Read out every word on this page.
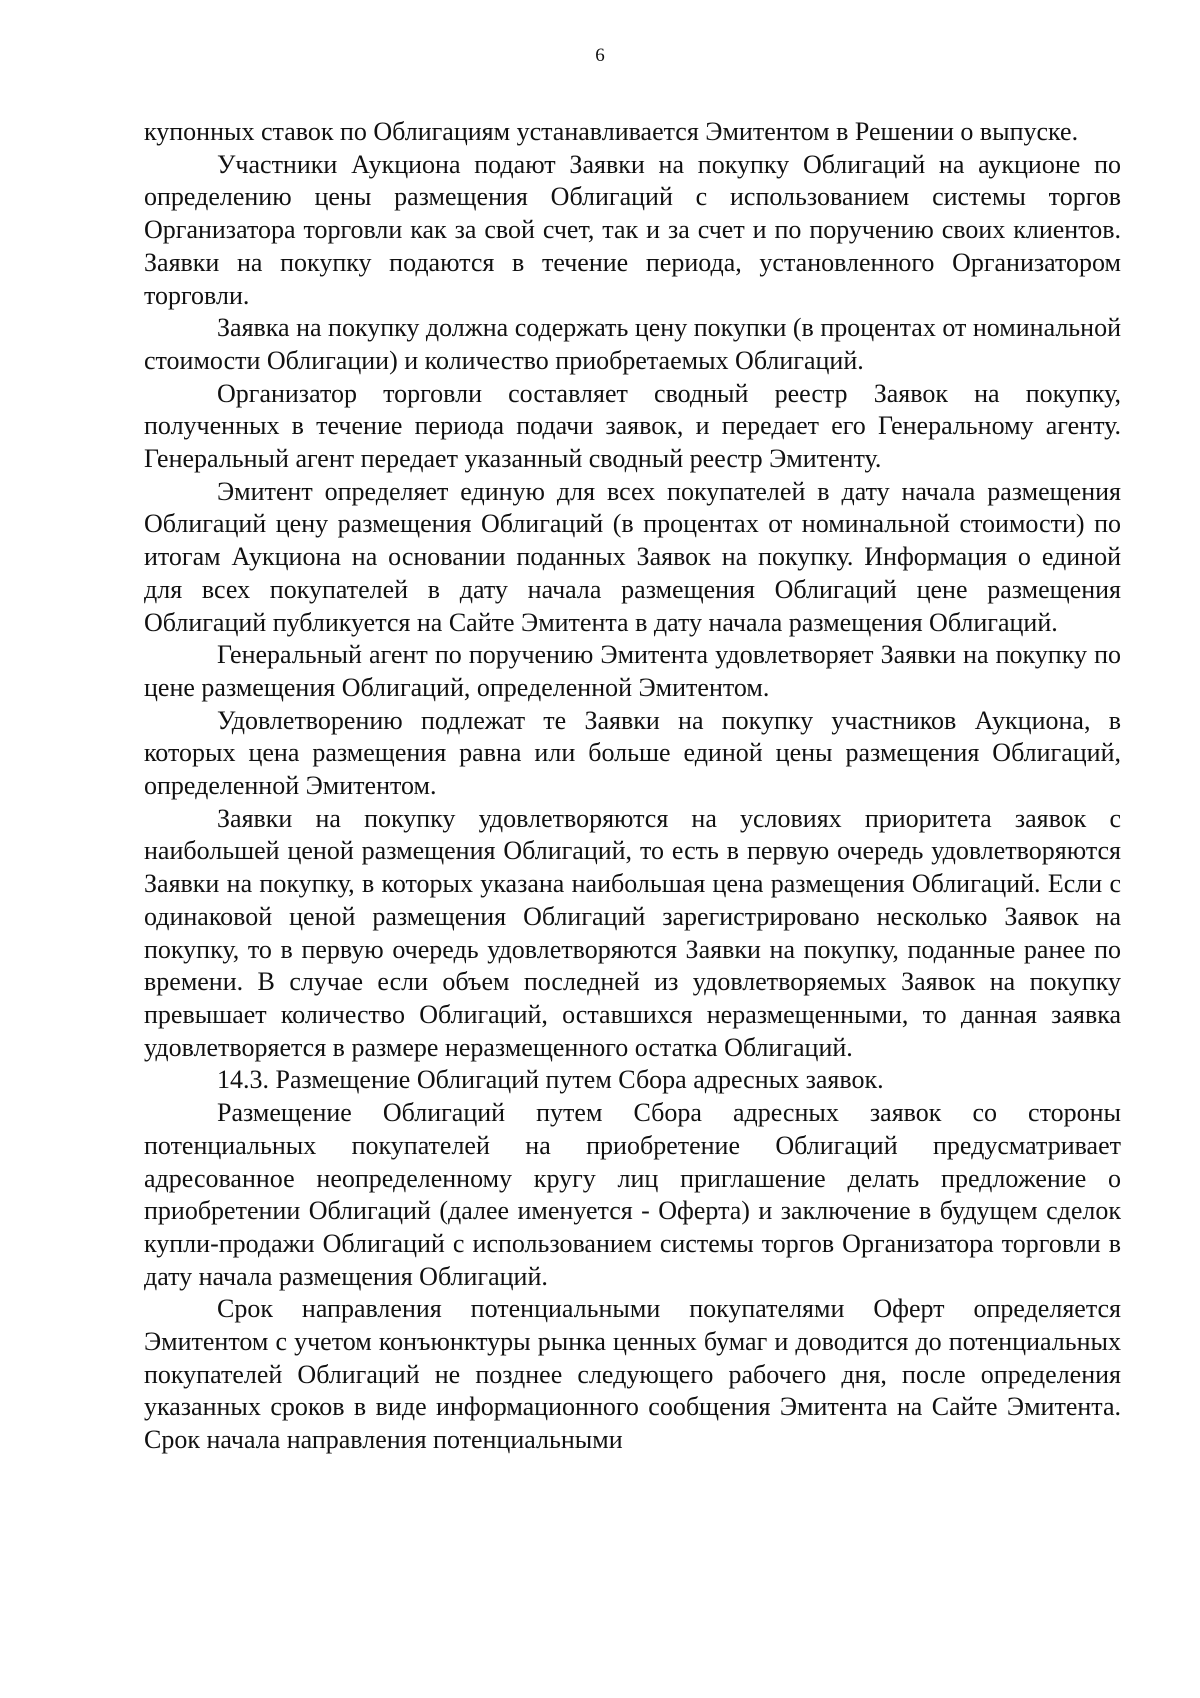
6

купонных ставок по Облигациям устанавливается Эмитентом в Решении о выпуске.

Участники Аукциона подают Заявки на покупку Облигаций на аукционе по определению цены размещения Облигаций с использованием системы торгов Организатора торговли как за свой счет, так и за счет и по поручению своих клиентов. Заявки на покупку подаются в течение периода, установленного Организатором торговли.

Заявка на покупку должна содержать цену покупки (в процентах от номинальной стоимости Облигации) и количество приобретаемых Облигаций.

Организатор торговли составляет сводный реестр Заявок на покупку, полученных в течение периода подачи заявок, и передает его Генеральному агенту. Генеральный агент передает указанный сводный реестр Эмитенту.

Эмитент определяет единую для всех покупателей в дату начала размещения Облигаций цену размещения Облигаций (в процентах от номинальной стоимости) по итогам Аукциона на основании поданных Заявок на покупку. Информация о единой для всех покупателей в дату начала размещения Облигаций цене размещения Облигаций публикуется на Сайте Эмитента в дату начала размещения Облигаций.

Генеральный агент по поручению Эмитента удовлетворяет Заявки на покупку по цене размещения Облигаций, определенной Эмитентом.

Удовлетворению подлежат те Заявки на покупку участников Аукциона, в которых цена размещения равна или больше единой цены размещения Облигаций, определенной Эмитентом.

Заявки на покупку удовлетворяются на условиях приоритета заявок с наибольшей ценой размещения Облигаций, то есть в первую очередь удовлетворяются Заявки на покупку, в которых указана наибольшая цена размещения Облигаций. Если с одинаковой ценой размещения Облигаций зарегистрировано несколько Заявок на покупку, то в первую очередь удовлетворяются Заявки на покупку, поданные ранее по времени. В случае если объем последней из удовлетворяемых Заявок на покупку превышает количество Облигаций, оставшихся неразмещенными, то данная заявка удовлетворяется в размере неразмещенного остатка Облигаций.

14.3. Размещение Облигаций путем Сбора адресных заявок.

Размещение Облигаций путем Сбора адресных заявок со стороны потенциальных покупателей на приобретение Облигаций предусматривает адресованное неопределенному кругу лиц приглашение делать предложение о приобретении Облигаций (далее именуется - Оферта) и заключение в будущем сделок купли-продажи Облигаций с использованием системы торгов Организатора торговли в дату начала размещения Облигаций.

Срок направления потенциальными покупателями Оферт определяется Эмитентом с учетом конъюнктуры рынка ценных бумаг и доводится до потенциальных покупателей Облигаций не позднее следующего рабочего дня, после определения указанных сроков в виде информационного сообщения Эмитента на Сайте Эмитента. Срок начала направления потенциальными
